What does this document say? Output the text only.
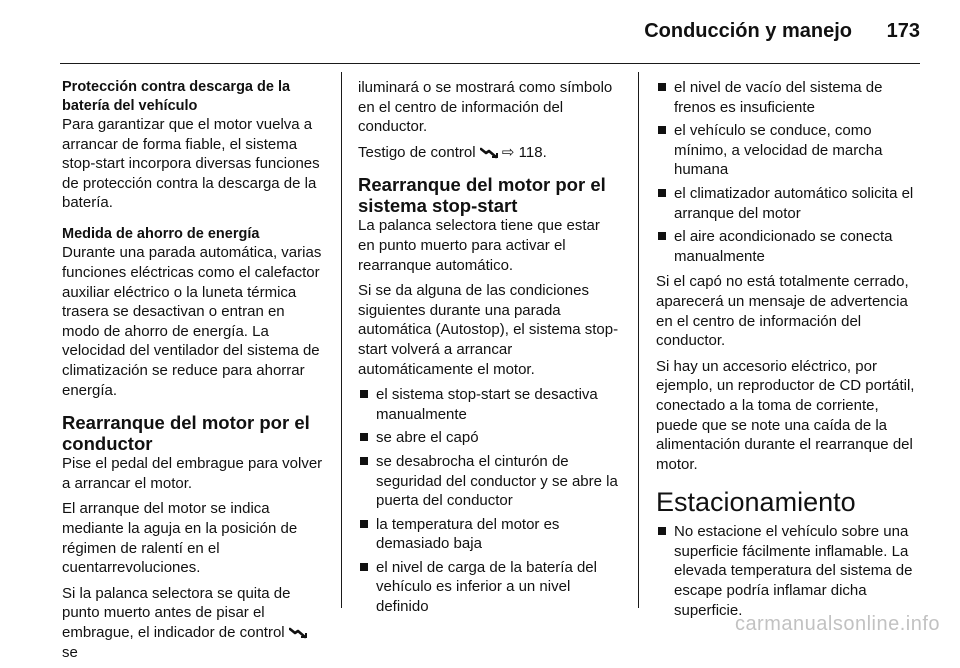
Conducción y manejo 173

Protección contra descarga de la batería del vehículo

Para garantizar que el motor vuelva a arrancar de forma fiable, el sistema stop-start incorpora diversas funciones de protección contra la descarga de la batería.

Medida de ahorro de energía

Durante una parada automática, varias funciones eléctricas como el calefactor auxiliar eléctrico o la luneta térmica trasera se desactivan o entran en modo de ahorro de energía. La velocidad del ventilador del sistema de climatización se reduce para ahorrar energía.

Rearranque del motor por el conductor

Pise el pedal del embrague para volver a arrancar el motor.

El arranque del motor se indica mediante la aguja en la posición de régimen de ralentí en el cuentarrevoluciones.

Si la palanca selectora se quita de punto muerto antes de pisar el embrague, el indicador de control  se

iluminará o se mostrará como símbolo en el centro de información del conductor.

Testigo de control ⇨ 118.

Rearranque del motor por el sistema stop-start

La palanca selectora tiene que estar en punto muerto para activar el rearranque automático.

Si se da alguna de las condiciones siguientes durante una parada automática (Autostop), el sistema stop-start volverá a arrancar automáticamente el motor.

el sistema stop-start se desactiva manualmente
se abre el capó
se desabrocha el cinturón de seguridad del conductor y se abre la puerta del conductor
la temperatura del motor es demasiado baja
el nivel de carga de la batería del vehículo es inferior a un nivel definido
el nivel de vacío del sistema de frenos es insuficiente
el vehículo se conduce, como mínimo, a velocidad de marcha humana
el climatizador automático solicita el arranque del motor
el aire acondicionado se conecta manualmente

Si el capó no está totalmente cerrado, aparecerá un mensaje de advertencia en el centro de información del conductor.

Si hay un accesorio eléctrico, por ejemplo, un reproductor de CD portátil, conectado a la toma de corriente, puede que se note una caída de la alimentación durante el rearranque del motor.

Estacionamiento
No estacione el vehículo sobre una superficie fácilmente inflamable. La elevada temperatura del sistema de escape podría inflamar dicha superficie.
carmanualsonline.info
